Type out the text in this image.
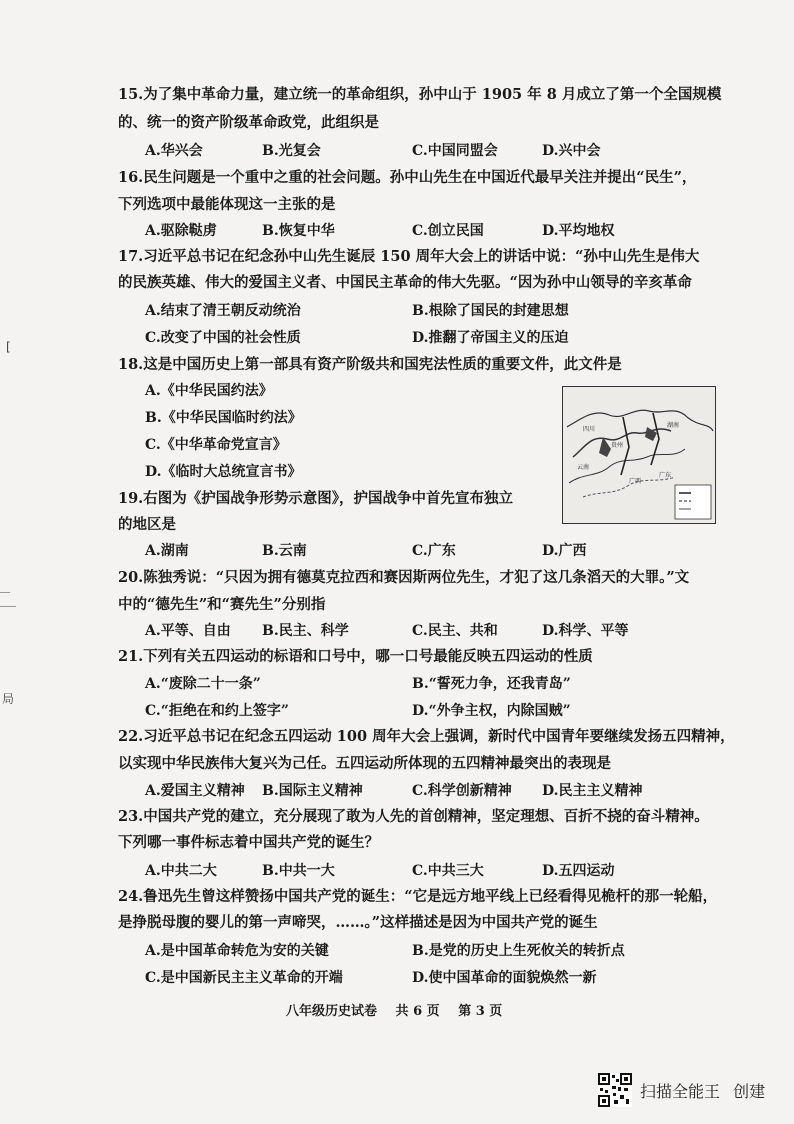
15.为了集中革命力量，建立统一的革命组织，孙中山于 1905 年 8 月成立了第一个全国规模
的、统一的资产阶级革命政党，此组织是
A.华兴会	B.光复会	C.中国同盟会	D.兴中会
16.民生问题是一个重中之重的社会问题。孙中山先生在中国近代最早关注并提出“民生”，
下列选项中最能体现这一主张的是
A.驱除鞑虏	B.恢复中华	C.创立民国	D.平均地权
17.习近平总书记在纪念孙中山先生诞辰 150 周年大会上的讲话中说：“孙中山先生是伟大
的民族英雄、伟大的爱国主义者、中国民主革命的伟大先驱。“因为孙中山领导的辛亥革命
A.结束了清王朝反动统治	B.根除了国民的封建思想
C.改变了中国的社会性质	D.推翻了帝国主义的压迫
18.这是中国历史上第一部具有资产阶级共和国宪法性质的重要文件，此文件是
A.《中华民国约法》
B.《中华民国临时约法》
C.《中华革命党宣言》
D.《临时大总统宣言书》
湖南
广西
广东
云南
贵州
四川
19.右图为《护国战争形势示意图》，护国战争中首先宣布独立
的地区是
A.湖南	B.云南	C.广东	D.广西
20.陈独秀说：“只因为拥有德莫克拉西和赛因斯两位先生，才犯了这几条滔天的大罪。”文
中的“德先生”和“赛先生”分别指
A.平等、自由 B.民主、科学	C.民主、共和	D.科学、平等
21.下列有关五四运动的标语和口号中，哪一口号最能反映五四运动的性质
A.“废除二十一条”	B.“誓死力争，还我青岛”
C.“拒绝在和约上签字”	D.“外争主权，内除国贼”
22.习近平总书记在纪念五四运动 100 周年大会上强调，新时代中国青年要继续发扬五四精神，
以实现中华民族伟大复兴为己任。五四运动所体现的五四精神最突出的表现是
A.爱国主义精神 B.国际主义精神	C.科学创新精神 D.民主主义精神
23.中国共产党的建立，充分展现了敢为人先的首创精神，坚定理想、百折不挠的奋斗精神。
下列哪一事件标志着中国共产党的诞生？
A.中共二大	B.中共一大	C.中共三大	D.五四运动
24.鲁迅先生曾这样赞扬中国共产党的诞生：“它是远方地平线上已经看得见桅杆的那一轮船，
是挣脱母腹的婴儿的第一声啼哭，……。”这样描述是因为中国共产党的诞生
A.是中国革命转危为安的关键	B.是党的历史上生死攸关的转折点
C.是中国新民主主义革命的开端	D.使中国革命的面貌焕然一新
八年级历史试卷 共 6 页 第 3 页
[
局
扫描全能王 创建
